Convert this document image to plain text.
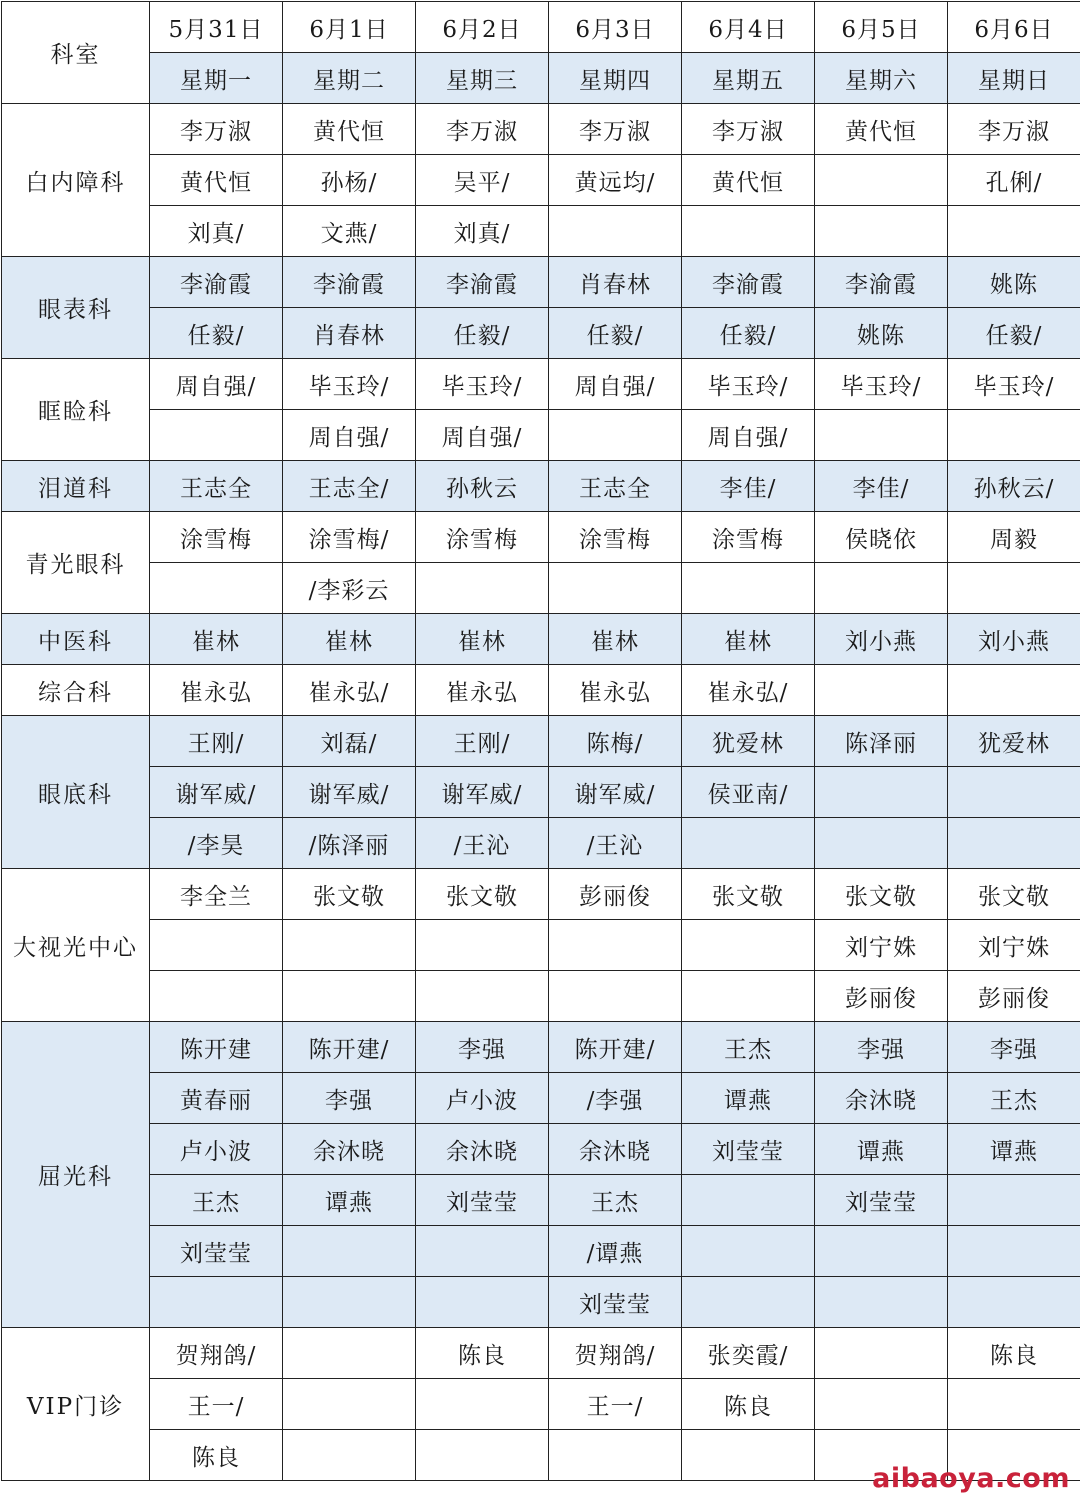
科室	5月31日	6月1日	6月2日	6月3日	6月4日	6月5日	6月6日
	星期一	星期二	星期三	星期四	星期五	星期六	星期日
白内障科	李万淑	黄代恒	李万淑	李万淑	李万淑	黄代恒	李万淑
	黄代恒	孙杨/	吴平/	黄远均/	黄代恒		孔俐/
	刘真/	文燕/	刘真/				
眼表科	李渝霞	李渝霞	李渝霞	肖春林	李渝霞	李渝霞	姚陈
	任毅/	肖春林	任毅/	任毅/	任毅/	姚陈	任毅/
眶睑科	周自强/	毕玉玲/	毕玉玲/	周自强/	毕玉玲/	毕玉玲/	毕玉玲/
		周自强/	周自强/		周自强/		
泪道科	王志全	王志全/	孙秋云	王志全	李佳/	李佳/	孙秋云/
青光眼科	涂雪梅	涂雪梅/	涂雪梅	涂雪梅	涂雪梅	侯晓依	周毅
		/李彩云					
中医科	崔林	崔林	崔林	崔林	崔林	刘小燕	刘小燕
综合科	崔永弘	崔永弘/	崔永弘	崔永弘	崔永弘/		
眼底科	王刚/	刘磊/	王刚/	陈梅/	犹爱林	陈泽丽	犹爱林
	谢军威/	谢军威/	谢军威/	谢军威/	侯亚南/		
	/李昊	/陈泽丽	/王沁	/王沁			
大视光中心	李全兰	张文敬	张文敬	彭丽俊	张文敬	张文敬	张文敬
						刘宁姝	刘宁姝
						彭丽俊	彭丽俊
屈光科	陈开建	陈开建/	李强	陈开建/	王杰	李强	李强
	黄春丽	李强	卢小波	/李强	谭燕	余沐晓	王杰
	卢小波	余沐晓	余沐晓	余沐晓	刘莹莹	谭燕	谭燕
	王杰	谭燕	刘莹莹	王杰		刘莹莹	
	刘莹莹			/谭燕			
				刘莹莹			
VIP门诊	贺翔鸽/		陈良	贺翔鸽/	张奕霞/		陈良
	王一/			王一/	陈良		
	陈良						
aibaoya.com
